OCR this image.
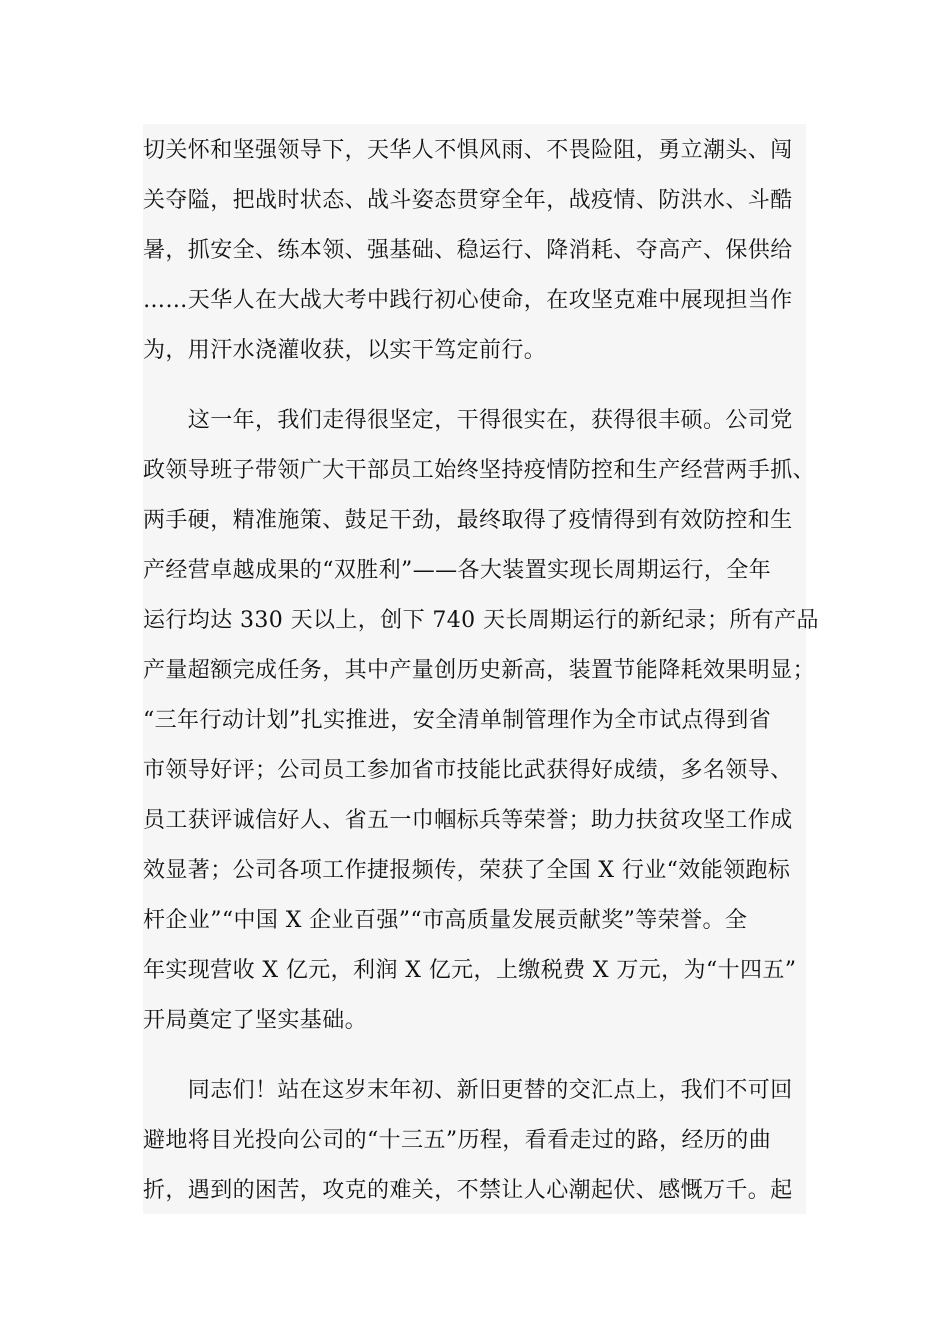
切关怀和坚强领导下，天华人不惧风雨、不畏险阻，勇立潮头、闯
关夺隘，把战时状态、战斗姿态贯穿全年，战疫情、防洪水、斗酷
暑，抓安全、练本领、强基础、稳运行、降消耗、夺高产、保供给
……天华人在大战大考中践行初心使命，在攻坚克难中展现担当作
为，用汗水浇灌收获，以实干笃定前行。
　　这一年，我们走得很坚定，干得很实在，获得很丰硕。公司党
政领导班子带领广大干部员工始终坚持疫情防控和生产经营两手抓、
两手硬，精准施策、鼓足干劲，最终取得了疫情得到有效防控和生
产经营卓越成果的“双胜利”——各大装置实现长周期运行，全年
运行均达 330 天以上，创下 740 天长周期运行的新纪录；所有产品
产量超额完成任务，其中产量创历史新高，装置节能降耗效果明显；
“三年行动计划”扎实推进，安全清单制管理作为全市试点得到省
市领导好评；公司员工参加省市技能比武获得好成绩，多名领导、
员工获评诚信好人、省五一巾帼标兵等荣誉；助力扶贫攻坚工作成
效显著；公司各项工作捷报频传，荣获了全国 X 行业“效能领跑标
杆企业”“中国 X 企业百强”“市高质量发展贡献奖”等荣誉。全
年实现营收 X 亿元，利润 X 亿元，上缴税费 X 万元，为“十四五”
开局奠定了坚实基础。
　　同志们！站在这岁末年初、新旧更替的交汇点上，我们不可回
避地将目光投向公司的“十三五”历程，看看走过的路，经历的曲
折，遇到的困苦，攻克的难关，不禁让人心潮起伏、感慨万千。起
